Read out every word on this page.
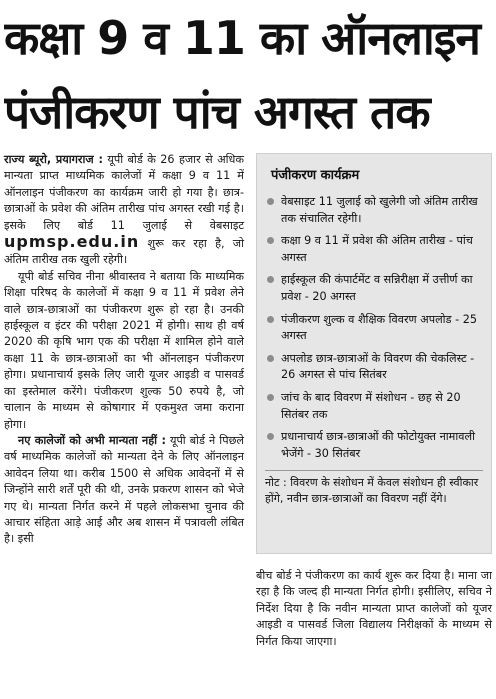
कक्षा 9 व 11 का ऑनलाइन
पंजीकरण पांच अगस्त तक

राज्य ब्यूरो, प्रयागराज : यूपी बोर्ड के 26 हजार से अधिक मान्यता प्राप्त माध्यमिक कालेजों में कक्षा 9 व 11 में ऑनलाइन पंजीकरण का कार्यक्रम जारी हो गया है। छात्र-छात्राओं के प्रवेश की अंतिम तारीख पांच अगस्त रखी गई है। इसके लिए बोर्ड 11 जुलाई से वेबसाइट upmsp.edu.in शुरू कर रहा है, जो अंतिम तारीख तक खुली रहेगी।

यूपी बोर्ड सचिव नीना श्रीवास्तव ने बताया कि माध्यमिक शिक्षा परिषद के कालेजों में कक्षा 9 व 11 में प्रवेश लेने वाले छात्र-छात्राओं का पंजीकरण शुरू हो रहा है। उनकी हाईस्कूल व इंटर की परीक्षा 2021 में होगी। साथ ही वर्ष 2020 की कृषि भाग एक की परीक्षा में शामिल होने वाले कक्षा 11 के छात्र-छात्राओं का भी ऑनलाइन पंजीकरण होगा। प्रधानाचार्य इसके लिए जारी यूजर आइडी व पासवर्ड का इस्तेमाल करेंगे। पंजीकरण शुल्क 50 रुपये है, जो चालान के माध्यम से कोषागार में एकमुश्त जमा कराना होगा।

नए कालेजों को अभी मान्यता नहीं : यूपी बोर्ड ने पिछले वर्ष माध्यमिक कालेजों को मान्यता देने के लिए ऑनलाइन आवेदन लिया था। करीब 1500 से अधिक आवेदनों में से जिन्होंने सारी शर्तें पूरी की थी, उनके प्रकरण शासन को भेजे गए थे। मान्यता निर्गत करने में पहले लोकसभा चुनाव की आचार संहिता आड़े आई और अब शासन में पत्रावली लंबित है। इसी

पंजीकरण कार्यक्रम
वेबसाइट 11 जुलाई को खुलेगी जो अंतिम तारीख तक संचालित रहेगी।
कक्षा 9 व 11 में प्रवेश की अंतिम तारीख - पांच अगस्त
हाईस्कूल की कंपार्टमेंट व सन्निरीक्षा में उत्तीर्ण का प्रवेश - 20 अगस्त
पंजीकरण शुल्क व शैक्षिक विवरण अपलोड - 25 अगस्त
अपलोड छात्र-छात्राओं के विवरण की चेकलिस्ट - 26 अगस्त से पांच सितंबर
जांच के बाद विवरण में संशोधन - छह से 20 सितंबर तक
प्रधानाचार्य छात्र-छात्राओं की फोटोयुक्त नामावली भेजेंगे - 30 सितंबर
नोट : विवरण के संशोधन में केवल संशोधन ही स्वीकार होंगे, नवीन छात्र-छात्राओं का विवरण नहीं देंगे।

बीच बोर्ड ने पंजीकरण का कार्य शुरू कर दिया है। माना जा रहा है कि जल्द ही मान्यता निर्गत होगी। इसीलिए, सचिव ने निर्देश दिया है कि नवीन मान्यता प्राप्त कालेजों को यूजर आइडी व पासवर्ड जिला विद्यालय निरीक्षकों के माध्यम से निर्गत किया जाएगा।
